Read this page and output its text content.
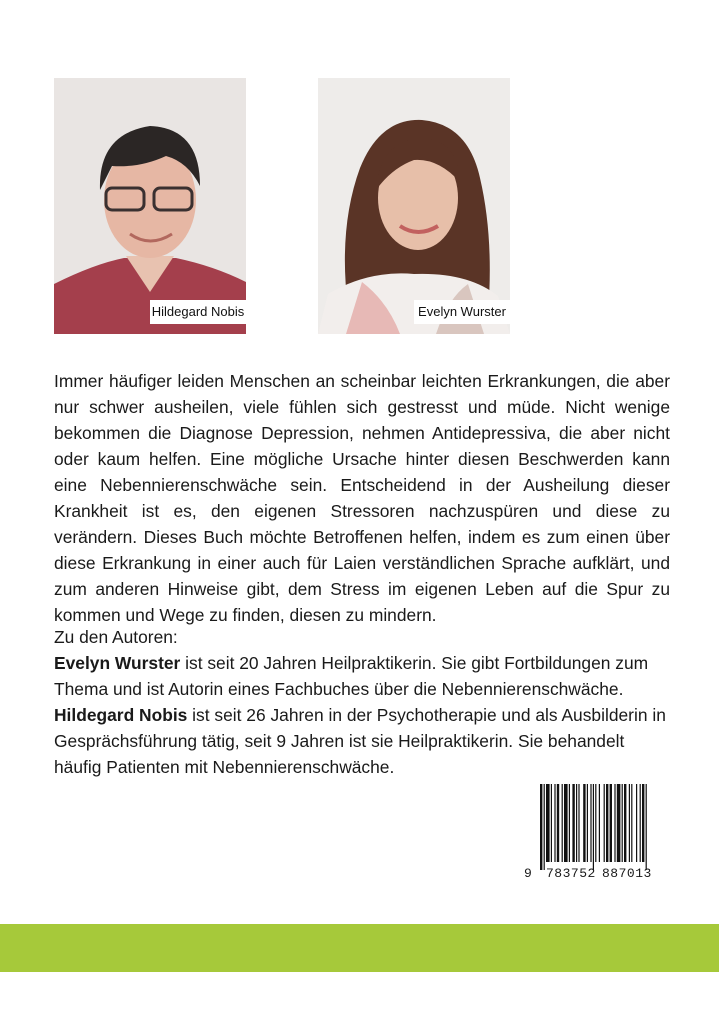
Hildegard Nobis	Evelyn Wurster

Immer häufiger leiden Menschen an scheinbar leichten Erkrankungen, die aber nur schwer ausheilen, viele fühlen sich gestresst und müde. Nicht wenige bekommen die Diagnose Depression, nehmen Antidepressiva, die aber nicht oder kaum helfen. Eine mögliche Ursache hinter diesen Beschwerden kann eine Nebennierenschwäche sein. Entscheidend in der Ausheilung dieser Krankheit ist es, den eigenen Stressoren nachzuspüren und diese zu verändern. Dieses Buch möchte Betroffenen helfen, indem es zum einen über diese Erkrankung in einer auch für Laien verständlichen Sprache aufklärt, und zum anderen Hinweise gibt, dem Stress im eigenen Leben auf die Spur zu kommen und Wege zu finden, diesen zu mindern.

Zu den Autoren:

Evelyn Wurster ist seit 20 Jahren Heilpraktikerin. Sie gibt Fortbildungen zum Thema und ist Autorin eines Fachbuches über die Nebennierenschwäche.

Hildegard Nobis ist seit 26 Jahren in der Psychotherapie und als Ausbilderin in Gesprächsführung tätig, seit 9 Jahren ist sie Heilpraktikerin. Sie behandelt häufig Patienten mit Nebennierenschwäche.

9 783752 887013
